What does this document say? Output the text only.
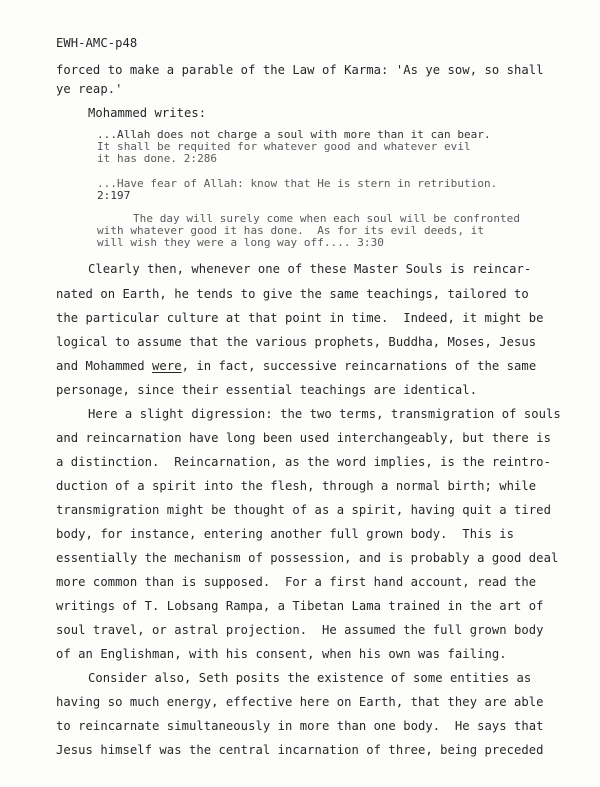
EWH-AMC-p48
forced to make a parable of the Law of Karma: 'As ye sow, so shall
ye reap.'
Mohammed writes:
...Allah does not charge a soul with more than it can bear.
It shall be requited for whatever good and whatever evil
it has done. 2:286
...Have fear of Allah: know that He is stern in retribution.
2:197
The day will surely come when each soul will be confronted
with whatever good it has done.  As for its evil deeds, it
will wish they were a long way off.... 3:30
Clearly then, whenever one of these Master Souls is reincar-
nated on Earth, he tends to give the same teachings, tailored to
the particular culture at that point in time.  Indeed, it might be
logical to assume that the various prophets, Buddha, Moses, Jesus
and Mohammed were, in fact, successive reincarnations of the same
personage, since their essential teachings are identical.
Here a slight digression: the two terms, transmigration of souls
and reincarnation have long been used interchangeably, but there is
a distinction.  Reincarnation, as the word implies, is the reintro-
duction of a spirit into the flesh, through a normal birth; while
transmigration might be thought of as a spirit, having quit a tired
body, for instance, entering another full grown body.  This is
essentially the mechanism of possession, and is probably a good deal
more common than is supposed.  For a first hand account, read the
writings of T. Lobsang Rampa, a Tibetan Lama trained in the art of
soul travel, or astral projection.  He assumed the full grown body
of an Englishman, with his consent, when his own was failing.
Consider also, Seth posits the existence of some entities as
having so much energy, effective here on Earth, that they are able
to reincarnate simultaneously in more than one body.  He says that
Jesus himself was the central incarnation of three, being preceded
